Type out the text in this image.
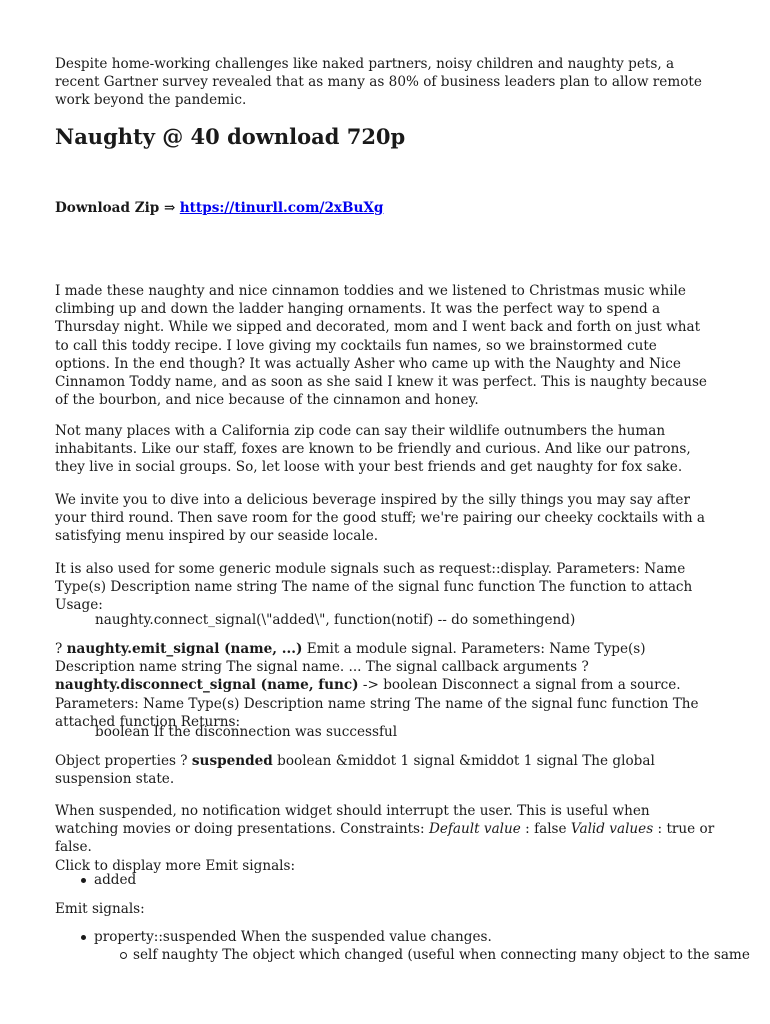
Despite home-working challenges like naked partners, noisy children and naughty pets, a recent Gartner survey revealed that as many as 80% of business leaders plan to allow remote work beyond the pandemic.

Naughty @ 40 download 720p

Download Zip ⇒ https://tinurll.com/2xBuXg

I made these naughty and nice cinnamon toddies and we listened to Christmas music while climbing up and down the ladder hanging ornaments. It was the perfect way to spend a Thursday night. While we sipped and decorated, mom and I went back and forth on just what to call this toddy recipe. I love giving my cocktails fun names, so we brainstormed cute options. In the end though? It was actually Asher who came up with the Naughty and Nice Cinnamon Toddy name, and as soon as she said I knew it was perfect. This is naughty because of the bourbon, and nice because of the cinnamon and honey.

Not many places with a California zip code can say their wildlife outnumbers the human inhabitants. Like our staff, foxes are known to be friendly and curious. And like our patrons, they live in social groups. So, let loose with your best friends and get naughty for fox sake.

We invite you to dive into a delicious beverage inspired by the silly things you may say after your third round. Then save room for the good stuff; we're pairing our cheeky cocktails with a satisfying menu inspired by our seaside locale.

It is also used for some generic module signals such as request::display. Parameters: Name Type(s) Description name string The name of the signal func function The function to attach Usage:

naughty.connect_signal(\"added\", function(notif) -- do somethingend)

? naughty.emit_signal (name, ...) Emit a module signal. Parameters: Name Type(s) Description name string The signal name. ... The signal callback arguments ? naughty.disconnect_signal (name, func) -> boolean Disconnect a signal from a source. Parameters: Name Type(s) Description name string The name of the signal func function The attached function Returns:

boolean If the disconnection was successful

Object properties ? suspended boolean &middot 1 signal &middot 1 signal The global suspension state.

When suspended, no notification widget should interrupt the user. This is useful when watching movies or doing presentations. Constraints: Default value : false Valid values : true or false.
Click to display more Emit signals:

added

Emit signals:

property::suspended When the suspended value changes.
self naughty The object which changed (useful when connecting many object to the same
